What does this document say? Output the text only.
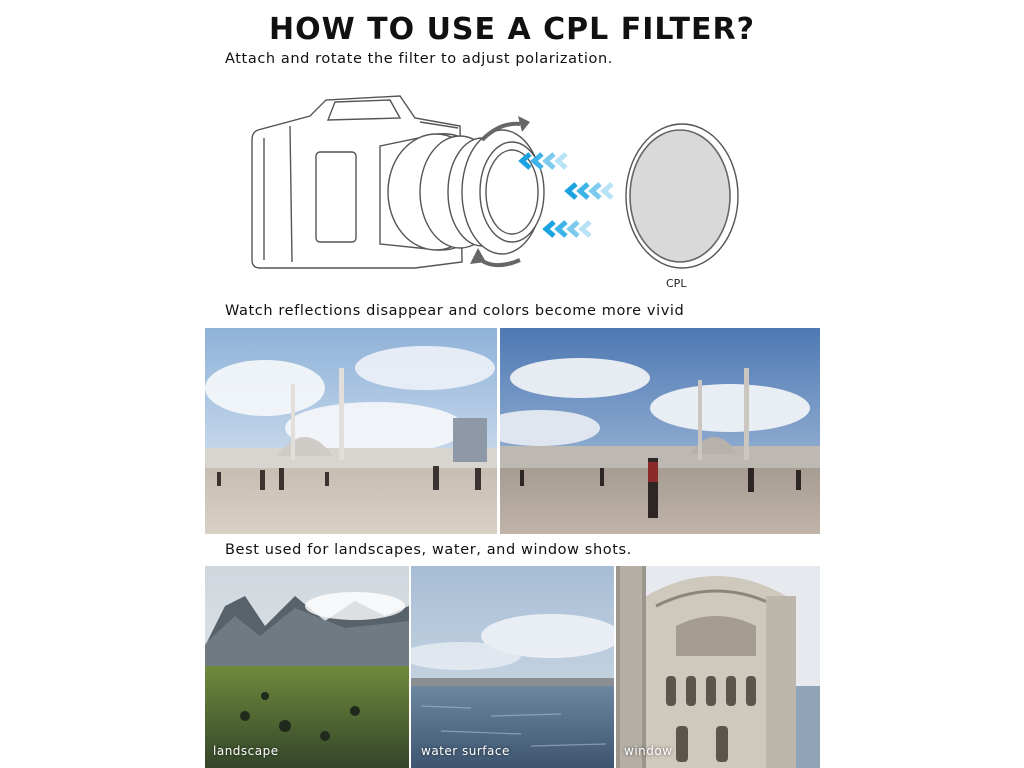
HOW TO USE A CPL FILTER?
Attach and rotate the filter to adjust polarization.
CPL
Watch reflections disappear and colors become more vivid
Best used for landscapes, water, and window shots.
landscape	water surface	window
